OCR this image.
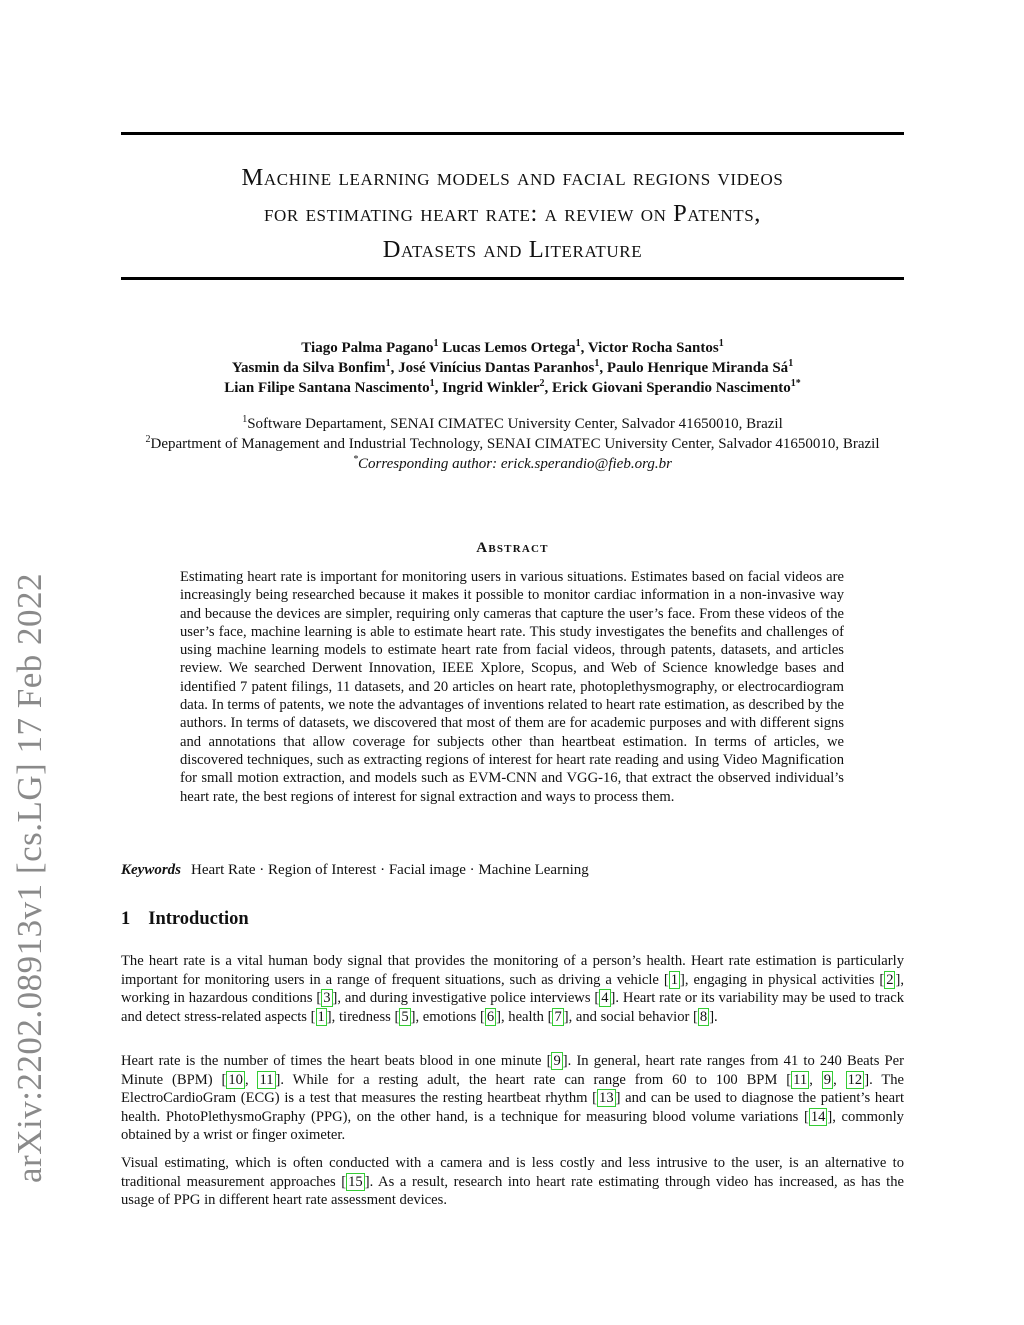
arXiv:2202.08913v1 [cs.LG] 17 Feb 2022
Machine learning models and facial regions videos
for estimating heart rate: a review on Patents,
Datasets and Literature
Tiago Palma Pagano$^1$ Lucas Lemos Ortega$^1$, Victor Rocha Santos$^1$
Yasmin da Silva Bonfim$^1$, José Vinícius Dantas Paranhos$^1$, Paulo Henrique Miranda $Sá^1$
Lian Filipe Santana Nascimento$^1$, Ingrid Winkler$^2$, Erick Giovani Sperandio Nascimento$^{1*}$
$^1$Software Departament, SENAI CIMATEC University Center, Salvador 41650010, Brazil
$^2$Department of Management and Industrial Technology, SENAI CIMATEC University Center, Salvador 41650010, Brazil
*Corresponding author: erick.sperandio@fieb.org.br
Abstract
Estimating heart rate is important for monitoring users in various situations. Estimates based on facial videos are increasingly being researched because it makes it possible to monitor cardiac information in a non-invasive way and because the devices are simpler, requiring only cameras that capture the user’s face. From these videos of the user’s face, machine learning is able to estimate heart rate. This study investigates the benefits and challenges of using machine learning models to estimate heart rate from facial videos, through patents, datasets, and articles review. We searched Derwent Innovation, IEEE Xplore, Scopus, and Web of Science knowledge bases and identified 7 patent filings, 11 datasets, and 20 articles on heart rate, photoplethysmography, or electrocardiogram data. In terms of patents, we note the advantages of inventions related to heart rate estimation, as described by the authors. In terms of datasets, we discovered that most of them are for academic purposes and with different signs and annotations that allow coverage for subjects other than heartbeat estimation. In terms of articles, we discovered techniques, such as extracting regions of interest for heart rate reading and using Video Magnification for small motion extraction, and models such as EVM-CNN and VGG-16, that extract the observed individual’s heart rate, the best regions of interest for signal extraction and ways to process them.
Keywords Heart Rate · Region of Interest · Facial image · Machine Learning
1 Introduction

The heart rate is a vital human body signal that provides the monitoring of a person’s health. Heart rate estimation is particularly important for monitoring users in a range of frequent situations, such as driving a vehicle [ 1 ], engaging in physical activities [ 2 ], working in hazardous conditions [ 3 ], and during investigative police interviews [ 4 ]. Heart rate or its variability may be used to track and detect stress-related aspects [ 1 ], tiredness [ 5 ], emotions [ 6 ], health [ 7 ], and social behavior [ 8 ].

Heart rate is the number of times the heart beats blood in one minute [ 9 ]. In general, heart rate ranges from 41 to 240 Beats Per Minute (BPM) [ 10 , 11 ]. While for a resting adult, the heart rate can range from 60 to 100 BPM [ 11 , 9 , 12 ]. The ElectroCardioGram (ECG) is a test that measures the resting heartbeat rhythm [ 13 ] and can be used to diagnose the patient’s heart health. PhotoPlethysmoGraphy (PPG), on the other hand, is a technique for measuring blood volume variations [ 14 ], commonly obtained by a wrist or finger oximeter.

Visual estimating, which is often conducted with a camera and is less costly and less intrusive to the user, is an alternative to traditional measurement approaches [ 15 ]. As a result, research into heart rate estimating through video has increased, as has the usage of PPG in different heart rate assessment devices.
